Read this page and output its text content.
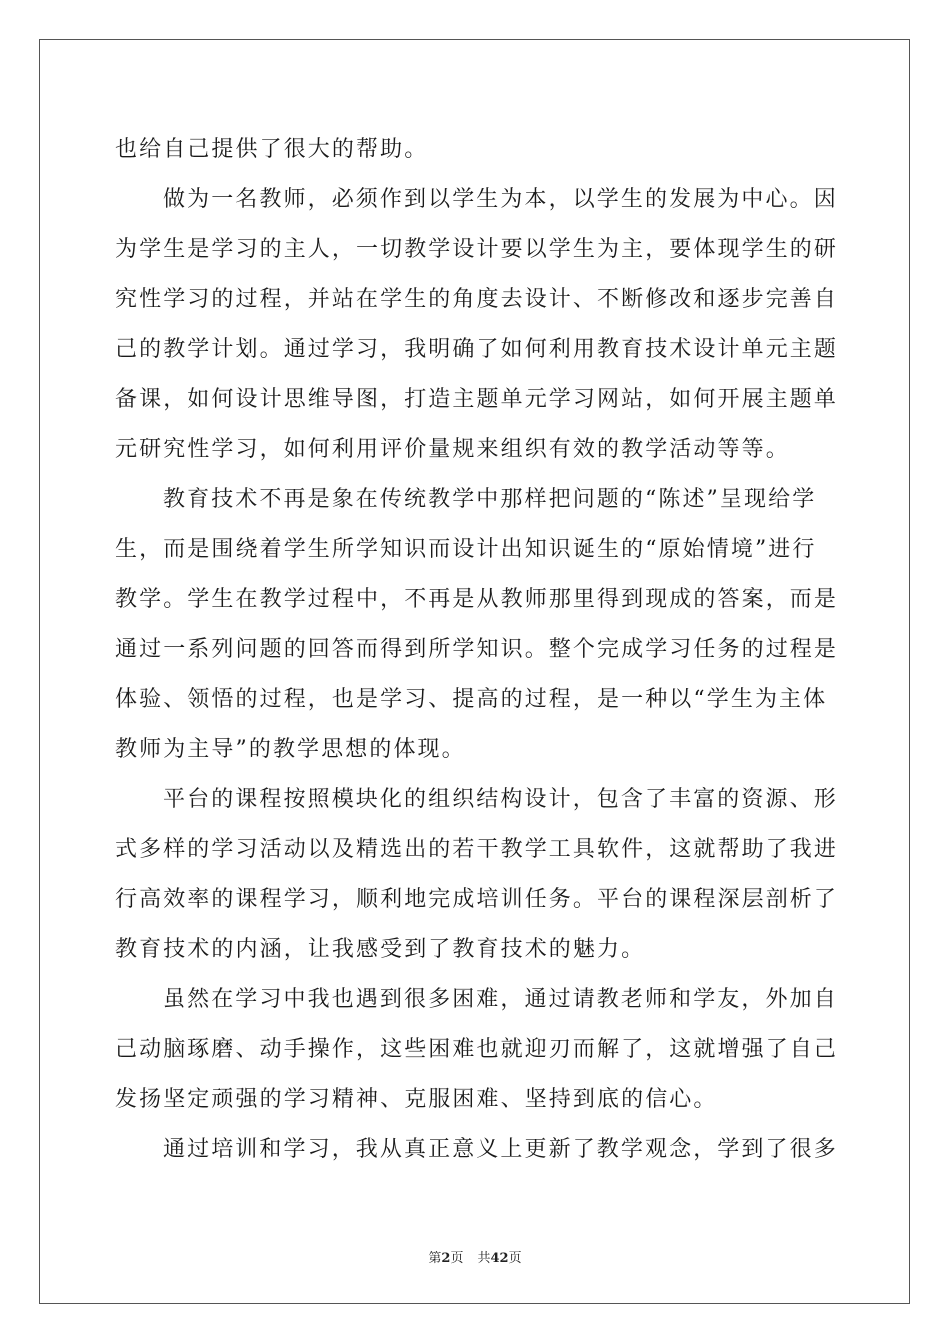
也给自己提供了很大的帮助。
做为一名教师，必须作到以学生为本，以学生的发展为中心。因
为学生是学习的主人，一切教学设计要以学生为主，要体现学生的研
究性学习的过程，并站在学生的角度去设计、不断修改和逐步完善自
己的教学计划。通过学习，我明确了如何利用教育技术设计单元主题
备课，如何设计思维导图，打造主题单元学习网站，如何开展主题单
元研究性学习，如何利用评价量规来组织有效的教学活动等等。
教育技术不再是象在传统教学中那样把问题的“陈述”呈现给学
生，而是围绕着学生所学知识而设计出知识诞生的“原始情境”进行
教学。学生在教学过程中，不再是从教师那里得到现成的答案，而是
通过一系列问题的回答而得到所学知识。整个完成学习任务的过程是
体验、领悟的过程，也是学习、提高的过程，是一种以“学生为主体
教师为主导”的教学思想的体现。
平台的课程按照模块化的组织结构设计，包含了丰富的资源、形
式多样的学习活动以及精选出的若干教学工具软件，这就帮助了我进
行高效率的课程学习，顺利地完成培训任务。平台的课程深层剖析了
教育技术的内涵，让我感受到了教育技术的魅力。
虽然在学习中我也遇到很多困难，通过请教老师和学友，外加自
己动脑琢磨、动手操作，这些困难也就迎刃而解了，这就增强了自己
发扬坚定顽强的学习精神、克服困难、坚持到底的信心。
通过培训和学习，我从真正意义上更新了教学观念，学到了很多
第2页 共42页
